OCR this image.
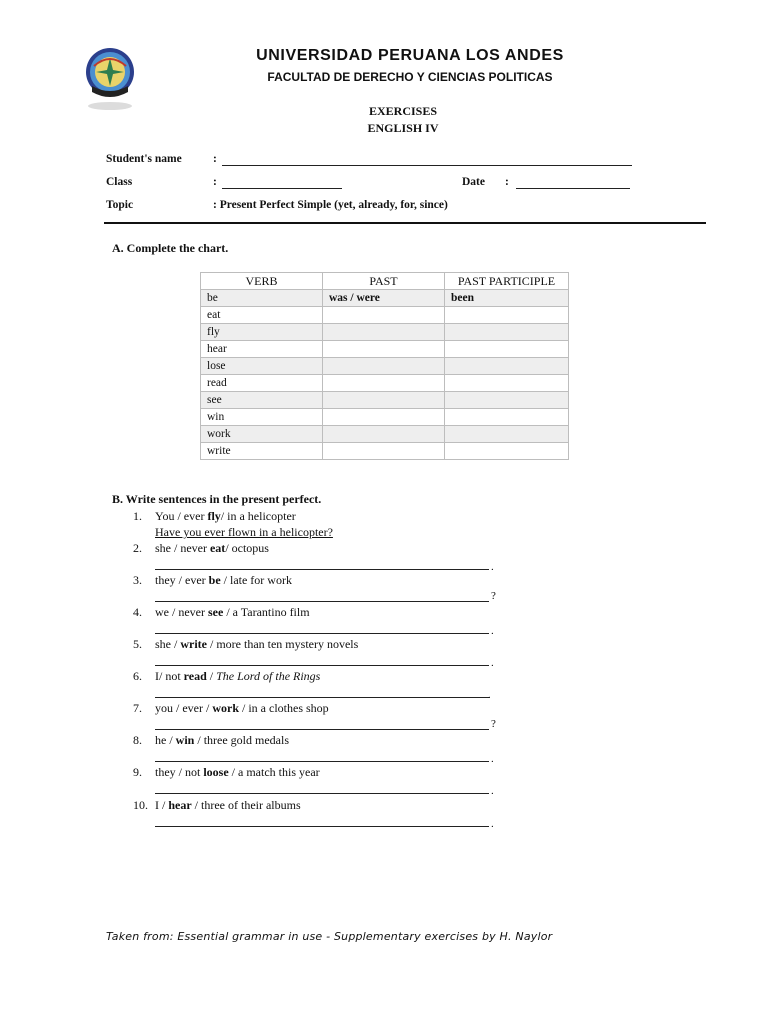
UNIVERSIDAD PERUANA LOS ANDES
FACULTAD DE DERECHO Y CIENCIAS POLITICAS
EXERCISES
ENGLISH IV
Student's name	:
Class	:	Date :
Topic	: Present Perfect Simple (yet, already, for, since)
A. Complete the chart.
VERB	PAST	PAST PARTICIPLE
be	was / were	been
eat		
fly		
hear		
lose		
read		
see		
win		
work		
write		
B. Write sentences in the present perfect.
1. You / ever fly/ in a helicopter
Have you ever flown in a helicopter?
2. she / never eat/ octopus
.
3. they / ever be / late for work
?
4. we / never see / a Tarantino film
.
5. she / write / more than ten mystery novels
.
6. I/ not read / The Lord of the Rings
.
7. you / ever / work / in a clothes shop
?
8. he / win / three gold medals
.
9. they / not loose / a match this year
.
10. I / hear / three of their albums
.
Taken from: Essential grammar in use - Supplementary exercises by H. Naylor
